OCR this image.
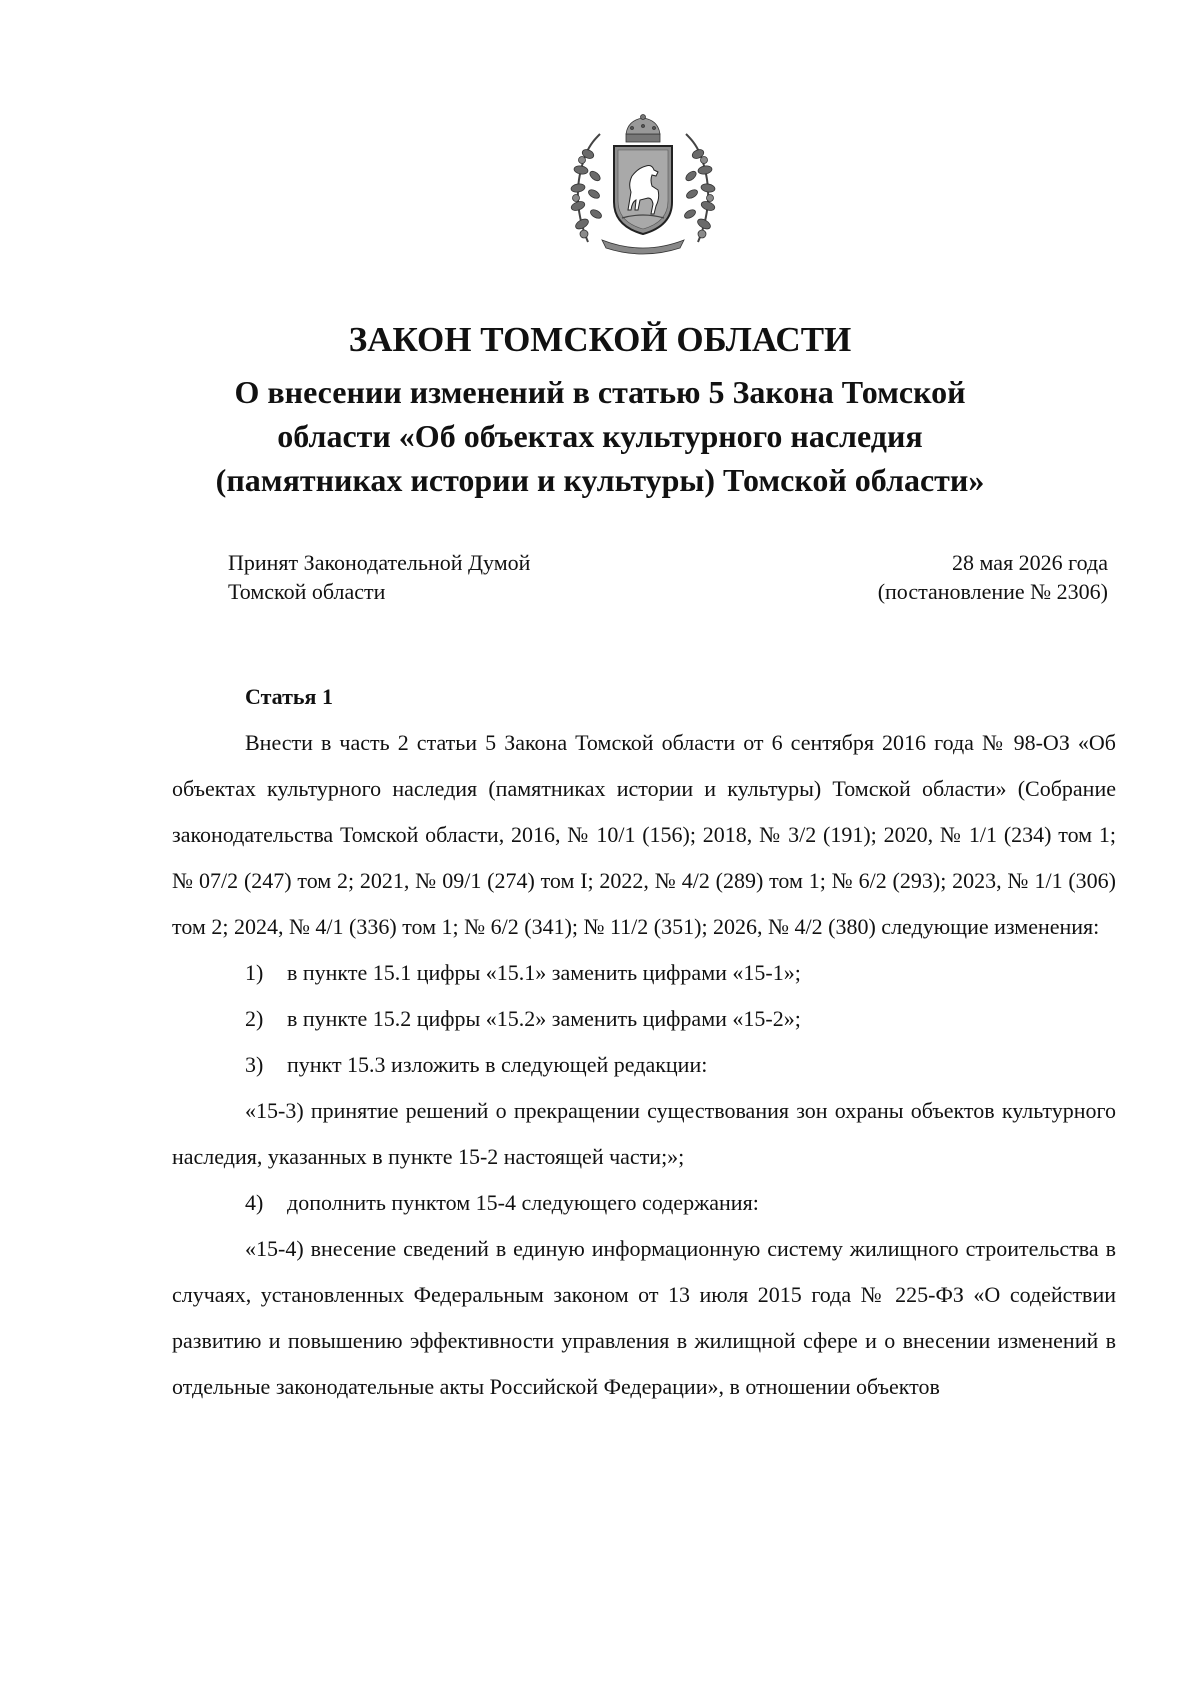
ЗАКОН ТОМСКОЙ ОБЛАСТИ

О внесении изменений в статью 5 Закона Томской
области «Об объектах культурного наследия
(памятниках истории и культуры) Томской области»

Принят Законодательной Думой
Томской области
28 мая 2026 года
(постановление № 2306)

Статья 1

Внести в часть 2 статьи 5 Закона Томской области от 6 сентября 2016 года № 98-ОЗ «Об объектах культурного наследия (памятниках истории и культуры) Томской области» (Собрание законодательства Томской области, 2016, № 10/1 (156); 2018, № 3/2 (191); 2020, № 1/1 (234) том 1; № 07/2 (247) том 2; 2021, № 09/1 (274) том I; 2022, № 4/2 (289) том 1; № 6/2 (293); 2023, № 1/1 (306) том 2; 2024, № 4/1 (336) том 1; № 6/2 (341); № 11/2 (351); 2026, № 4/2 (380) следующие изменения:

1) в пункте 15.1 цифры «15.1» заменить цифрами «15-1»;

2) в пункте 15.2 цифры «15.2» заменить цифрами «15-2»;

3) пункт 15.3 изложить в следующей редакции:

«15-3) принятие решений о прекращении существования зон охраны объектов культурного наследия, указанных в пункте 15-2 настоящей части;»;

4) дополнить пунктом 15-4 следующего содержания:

«15-4) внесение сведений в единую информационную систему жилищного строительства в случаях, установленных Федеральным законом от 13 июля 2015 года № 225-ФЗ «О содействии развитию и повышению эффективности управления в жилищной сфере и о внесении изменений в отдельные законодательные акты Российской Федерации», в отношении объектов
